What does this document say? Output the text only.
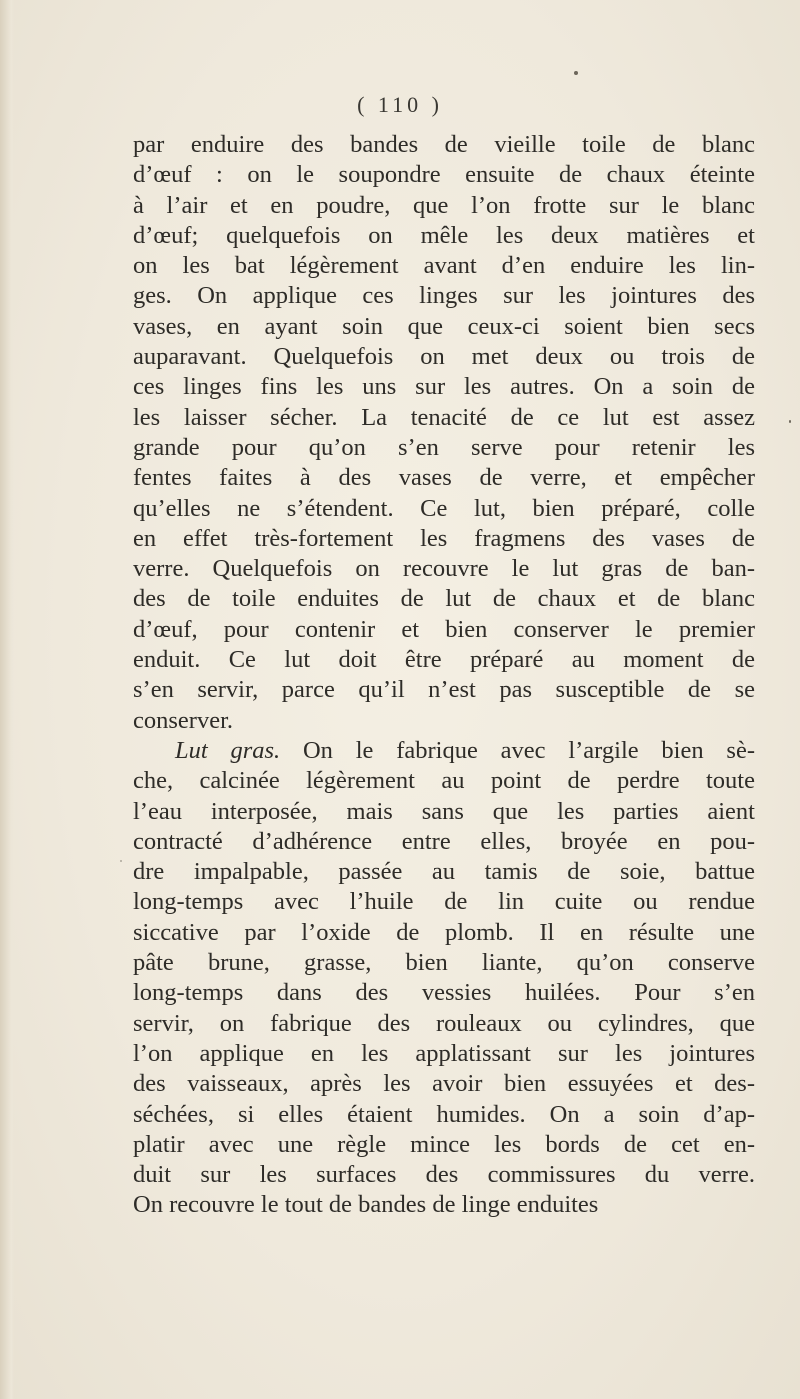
( 110 )
par enduire des bandes de vieille toile de blanc
d’œuf : on le soupondre ensuite de chaux éteinte
à l’air et en poudre, que l’on frotte sur le blanc
d’œuf; quelquefois on mêle les deux matières et
on les bat légèrement avant d’en enduire les lin-
ges. On applique ces linges sur les jointures des
vases, en ayant soin que ceux-ci soient bien secs
auparavant. Quelquefois on met deux ou trois de
ces linges fins les uns sur les autres. On a soin de
les laisser sécher. La tenacité de ce lut est assez
grande pour qu’on s’en serve pour retenir les
fentes faites à des vases de verre, et empêcher
qu’elles ne s’étendent. Ce lut, bien préparé, colle
en effet très-fortement les fragmens des vases de
verre. Quelquefois on recouvre le lut gras de ban-
des de toile enduites de lut de chaux et de blanc
d’œuf, pour contenir et bien conserver le premier
enduit. Ce lut doit être préparé au moment de
s’en servir, parce qu’il n’est pas susceptible de se
conserver.
Lut gras. On le fabrique avec l’argile bien sè-
che, calcinée légèrement au point de perdre toute
l’eau interposée, mais sans que les parties aient
contracté d’adhérence entre elles, broyée en pou-
dre impalpable, passée au tamis de soie, battue
long-temps avec l’huile de lin cuite ou rendue
siccative par l’oxide de plomb. Il en résulte une
pâte brune, grasse, bien liante, qu’on conserve
long-temps dans des vessies huilées. Pour s’en
servir, on fabrique des rouleaux ou cylindres, que
l’on applique en les applatissant sur les jointures
des vaisseaux, après les avoir bien essuyées et des-
séchées, si elles étaient humides. On a soin d’ap-
platir avec une règle mince les bords de cet en-
duit sur les surfaces des commissures du verre.
On recouvre le tout de bandes de linge enduites
